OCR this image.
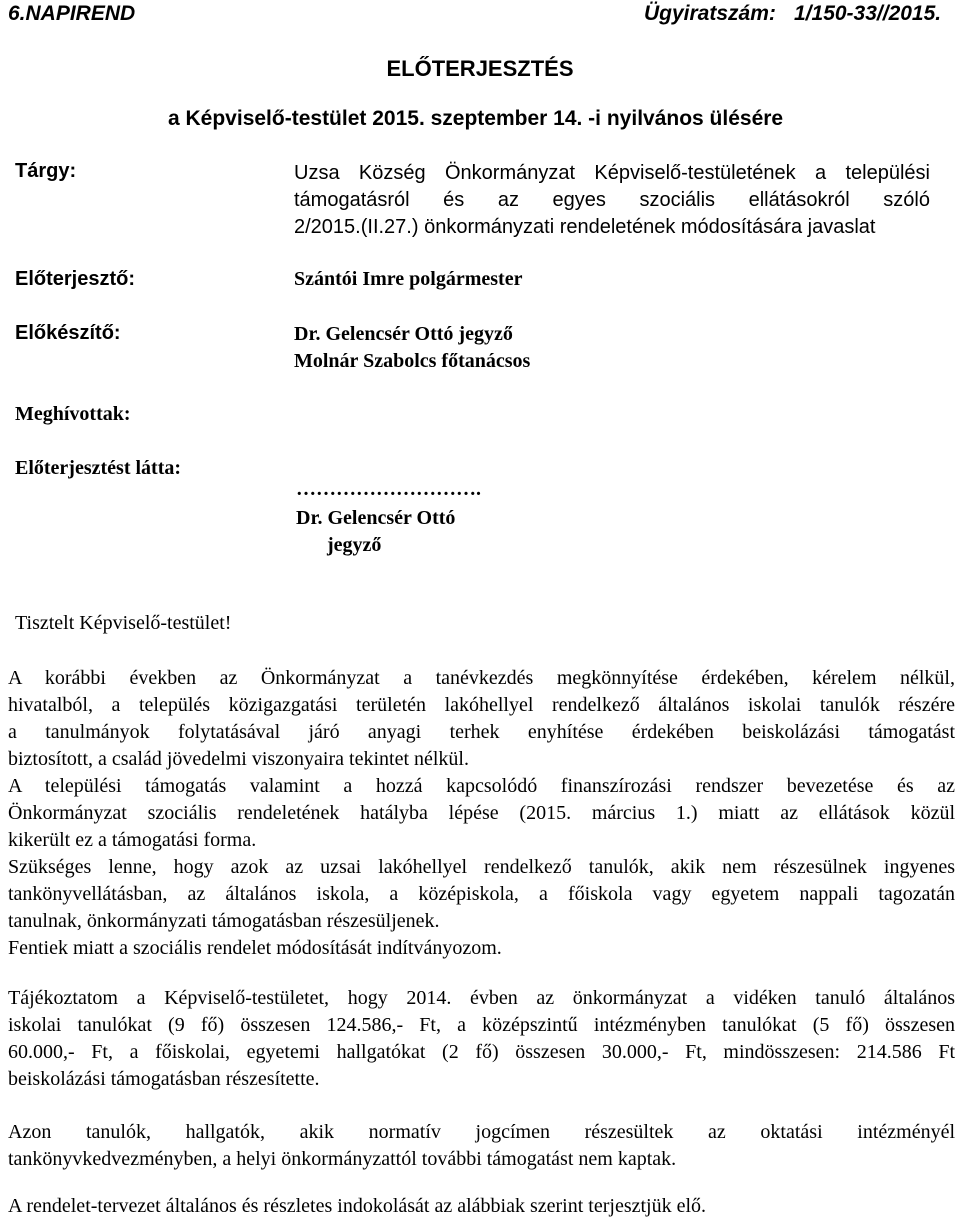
6.NAPIREND	Ügyiratszám: 1/150-33//2015.
ELŐTERJESZTÉS
a Képviselő-testület 2015. szeptember 14. -i nyilvános ülésére
Tárgy:	Uzsa Község Önkormányzat Képviselő-testületének a települési
támogatásról és az egyes szociális ellátásokról szóló
2/2015.(II.27.) önkormányzati rendeletének módosítására javaslat
Előterjesztő:	Szántói Imre polgármester
Előkészítő:	Dr. Gelencsér Ottó jegyző
Molnár Szabolcs főtanácsos
Meghívottak:
Előterjesztést látta:
……………………….
Dr. Gelencsér Ottó
jegyző
Tisztelt Képviselő-testület!
A korábbi években az Önkormányzat a tanévkezdés megkönnyítése érdekében, kérelem nélkül,
hivatalból, a település közigazgatási területén lakóhellyel rendelkező általános iskolai tanulók részére
a tanulmányok folytatásával járó anyagi terhek enyhítése érdekében beiskolázási támogatást
biztosított, a család jövedelmi viszonyaira tekintet nélkül.
A települési támogatás valamint a hozzá kapcsolódó finanszírozási rendszer bevezetése és az
Önkormányzat szociális rendeletének hatályba lépése (2015. március 1.) miatt az ellátások közül
kikerült ez a támogatási forma.
Szükséges lenne, hogy azok az uzsai lakóhellyel rendelkező tanulók, akik nem részesülnek ingyenes
tankönyvellátásban, az általános iskola, a középiskola, a főiskola vagy egyetem nappali tagozatán
tanulnak, önkormányzati támogatásban részesüljenek.
Fentiek miatt a szociális rendelet módosítását indítványozom.
Tájékoztatom a Képviselő-testületet, hogy 2014. évben az önkormányzat a vidéken tanuló általános
iskolai tanulókat (9 fő) összesen 124.586,- Ft, a középszintű intézményben tanulókat (5 fő) összesen
60.000,- Ft, a főiskolai, egyetemi hallgatókat (2 fő) összesen 30.000,- Ft, mindösszesen: 214.586 Ft
beiskolázási támogatásban részesítette.
Azon tanulók, hallgatók, akik normatív jogcímen részesültek az oktatási intézményél
tankönyvkedvezményben, a helyi önkormányzattól további támogatást nem kaptak.
A rendelet-tervezet általános és részletes indokolását az alábbiak szerint terjesztjük elő.
